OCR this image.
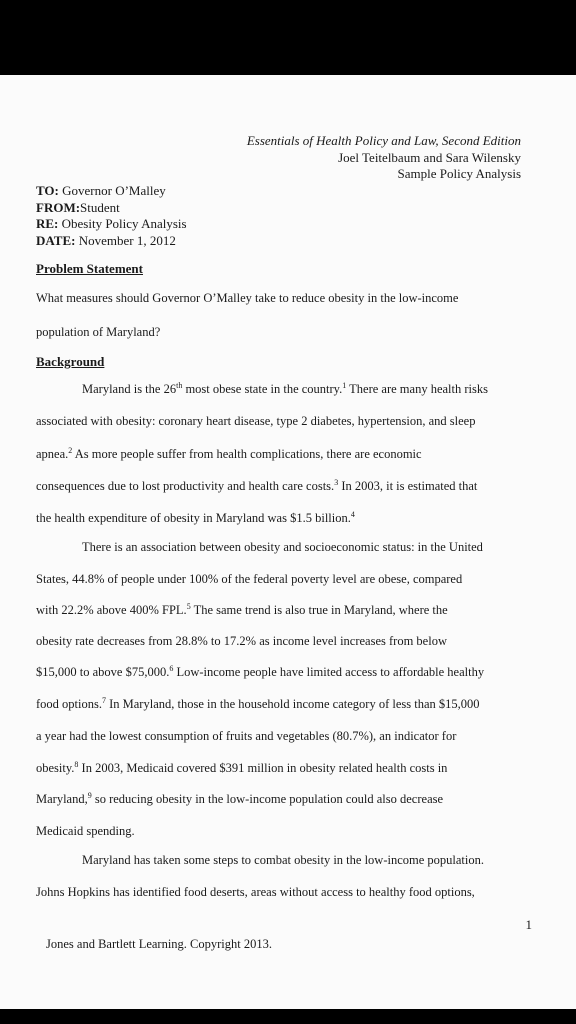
Essentials of Health Policy and Law, Second Edition
Joel Teitelbaum and Sara Wilensky
Sample Policy Analysis
TO: Governor O’Malley
FROM:Student
RE: Obesity Policy Analysis
DATE: November 1, 2012
Problem Statement
What measures should Governor O’Malley take to reduce obesity in the low-income
population of Maryland?
Background
Maryland is the 26th most obese state in the country.$^1$ There are many health risks
associated with obesity: coronary heart disease, type 2 diabetes, hypertension, and sleep
apnea.$^2$ As more people suffer from health complications, there are economic
consequences due to lost productivity and health care costs.$^3$ In 2003, it is estimated that
the health expenditure of obesity in Maryland was $1.5 billion.$^4$
There is an association between obesity and socioeconomic status: in the United
States, 44.8% of people under 100% of the federal poverty level are obese, compared
with 22.2% above 400% FPL.$^5$ The same trend is also true in Maryland, where the
obesity rate decreases from 28.8% to 17.2% as income level increases from below
$15,000 to above $75,000.$^6$ Low-income people have limited access to affordable healthy
food options.$^7$ In Maryland, those in the household income category of less than $15,000
a year had the lowest consumption of fruits and vegetables (80.7%), an indicator for
obesity.$^8$ In 2003, Medicaid covered $391 million in obesity related health costs in
Maryland,$^9$ so reducing obesity in the low-income population could also decrease
Medicaid spending.
Maryland has taken some steps to combat obesity in the low-income population.
Johns Hopkins has identified food deserts, areas without access to healthy food options,
1
Jones and Bartlett Learning. Copyright 2013.
